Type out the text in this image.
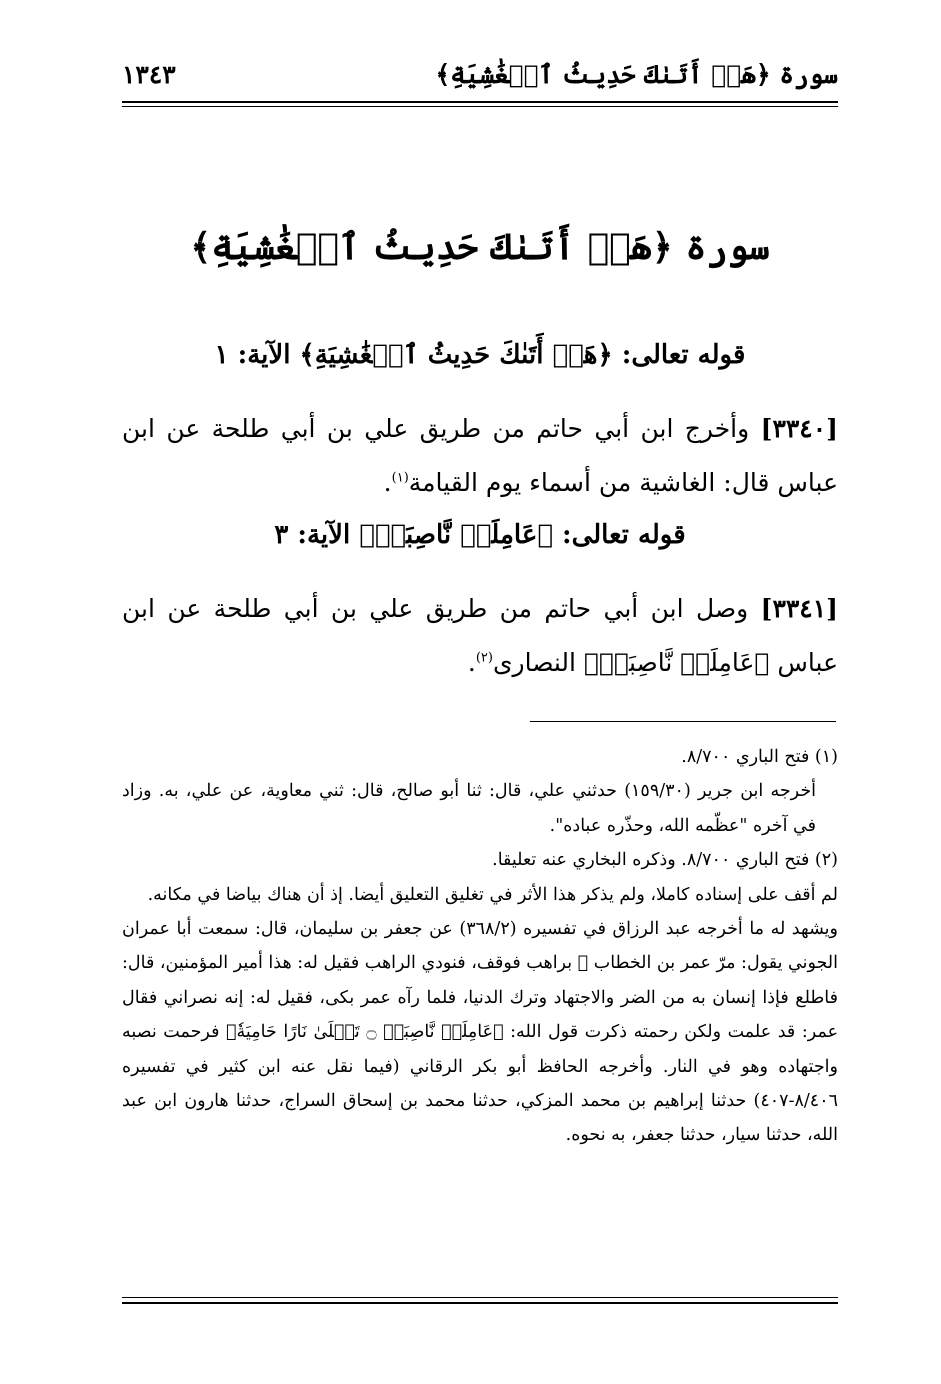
سورة ﴿هَلۡ أَتَىٰكَ حَدِيثُ ٱلۡغَٰشِيَةِ﴾
١٣٤٣
سورة ﴿هَلۡ أَتَىٰكَ حَدِيثُ ٱلۡغَٰشِيَةِ﴾
قوله تعالى: ﴿هَلۡ أَتَىٰكَ حَدِيثُ ٱلۡغَٰشِيَةِ﴾ الآية: ١
[٣٣٤٠] وأخرج ابن أبي حاتم من طريق علي بن أبي طلحة عن ابن عباس قال: الغاشية من أسماء يوم القيامة$^{(١)}$.
قوله تعالى: ﴿عَامِلَةٞ نَّاصِبَةٞ﴾ الآية: ٣
[٣٣٤١] وصل ابن أبي حاتم من طريق علي بن أبي طلحة عن ابن عباس ﴿عَامِلَةٞ نَّاصِبَةٞ﴾ النصارى$^{(٢)}$.
(١) فتح الباري ٨/٧٠٠.
أخرجه ابن جرير (١٥٩/٣٠) حدثني علي، قال: ثنا أبو صالح، قال: ثني معاوية، عن علي، به. وزاد في آخره "عظّمه الله، وحذّره عباده".
(٢) فتح الباري ٨/٧٠٠. وذكره البخاري عنه تعليقا.
لم أقف على إسناده كاملا، ولم يذكر هذا الأثر في تغليق التعليق أيضا. إذ أن هناك بياضا في مكانه.
ويشهد له ما أخرجه عبد الرزاق في تفسيره (٣٦٨/٢) عن جعفر بن سليمان، قال: سمعت أبا عمران الجوني يقول: مرّ عمر بن الخطاب ﷺ براهب فوقف، فنودي الراهب فقيل له: هذا أمير المؤمنين، قال: فاطلع فإذا إنسان به من الضر والاجتهاد وترك الدنيا، فلما رآه عمر بكى، فقيل له: إنه نصراني فقال عمر: قد علمت ولكن رحمته ذكرت قول الله: ﴿عَامِلَةٞ نَّاصِبَةٞ ۝ تَصۡلَىٰ نَارًا حَامِيَةٗ﴾ فرحمت نصبه واجتهاده وهو في النار. وأخرجه الحافظ أبو بكر الرقاني (فيما نقل عنه ابن كثير في تفسيره ٨/٤٠٦-٤٠٧) حدثنا إبراهيم بن محمد المزكي، حدثنا محمد بن إسحاق السراج، حدثنا هارون ابن عبد الله، حدثنا سيار، حدثنا جعفر، به نحوه.
